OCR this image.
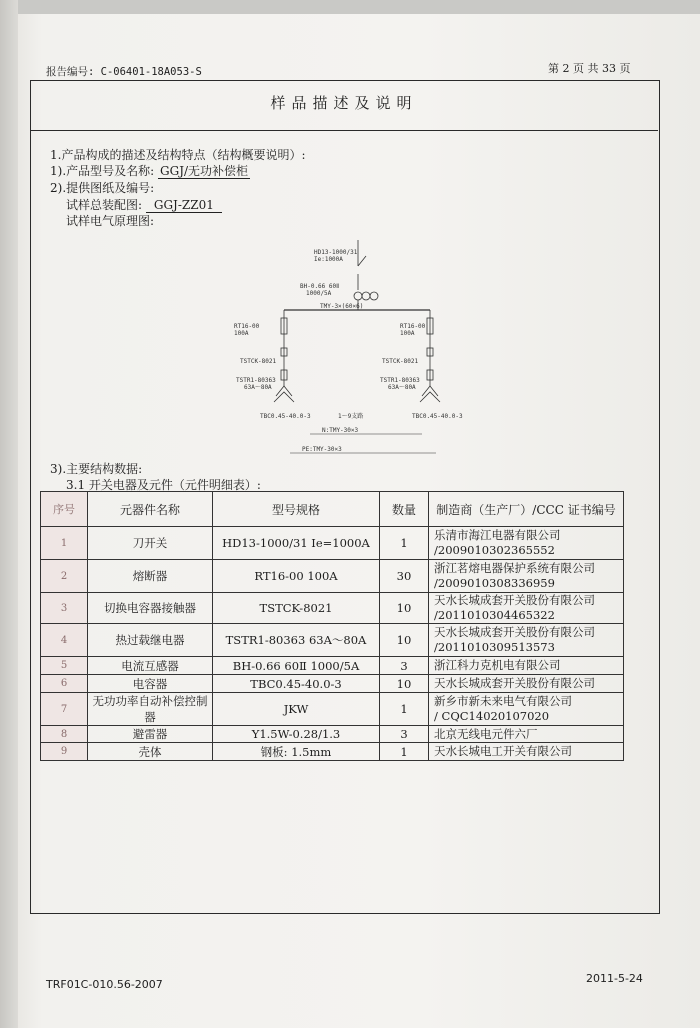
报告编号: C-06401-18A053-S	第 2 页 共 33 页
样品描述及说明
1.产品构成的描述及结构特点（结构概要说明）:
1).产品型号及名称: GGJ/无功补偿柜
2).提供图纸及编号:
试样总装配图: GGJ-ZZ01
试样电气原理图:
HD13-1000/31
Ie:1000A
BH-0.66 60Ⅱ
1000/5A
TMY-3×(60×6)
RT16-00
100A
RT16-00
100A
TSTCK-8021	TSTCK-8021
TSTR1-80363
63A～80A
TSTR1-80363
63A～80A
TBC0.45-40.0-3	1～9支路	TBC0.45-40.0-3
N:TMY-30×3
PE:TMY-30×3
3).主要结构数据:
3.1 开关电器及元件（元件明细表）:
序号	元器件名称	型号规格	数量	制造商（生产厂）/CCC 证书编号
1	刀开关	HD13-1000/31 Ie=1000A	1	乐清市海江电器有限公司
/2009010302365552

2	熔断器	RT16-00 100A	30	浙江茗熔电器保护系统有限公司
/2009010308336959

3	切换电容器接触器	TSTCK-8021	10	天水长城成套开关股份有限公司
/2011010304465322

4	热过载继电器	TSTR1-80363 63A～80A	10	天水长城成套开关股份有限公司
/2011010309513573

5	电流互感器	BH-0.66 60Ⅱ 1000/5A	3	浙江科力克机电有限公司

6	电容器	TBC0.45-40.0-3	10	天水长城成套开关股份有限公司

7	无功功率自动补偿控制器	JKW	1	新乡市新未来电气有限公司
/ CQC14020107020

8	避雷器	Y1.5W-0.28/1.3	3	北京无线电元件六厂

9	壳体	钢板: 1.5mm	1	天水长城电工开关有限公司
TRF01C-010.56-2007	2011-5-24
